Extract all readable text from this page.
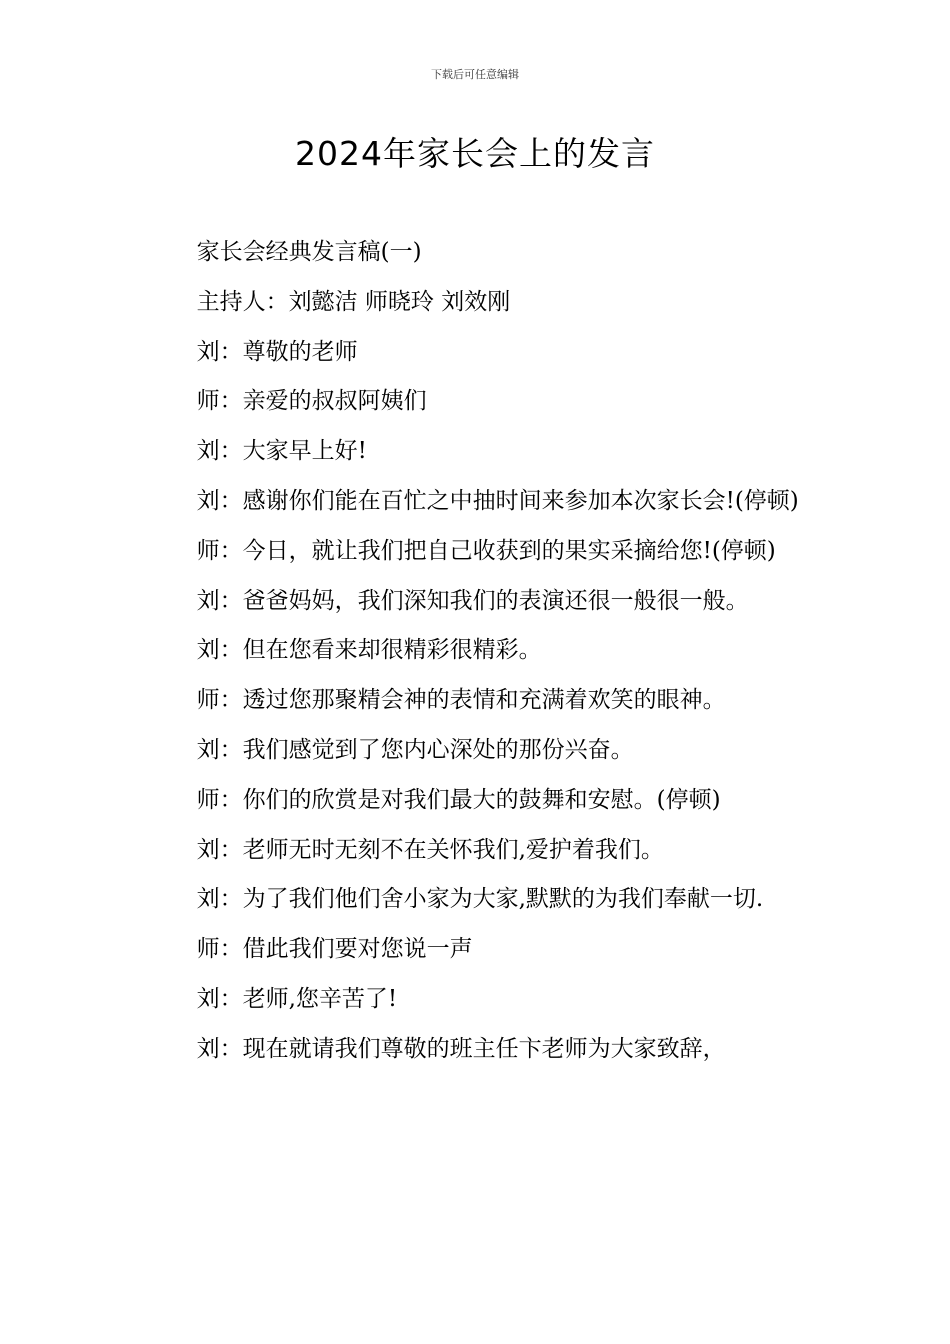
下载后可任意编辑
2024年家长会上的发言

家长会经典发言稿(一)

主持人：刘懿洁 师晓玲 刘效刚

刘：尊敬的老师

师：亲爱的叔叔阿姨们

刘：大家早上好!

刘：感谢你们能在百忙之中抽时间来参加本次家长会!(停顿)

师：今日，就让我们把自己收获到的果实采摘给您!(停顿)

刘：爸爸妈妈，我们深知我们的表演还很一般很一般。

刘：但在您看来却很精彩很精彩。

师：透过您那聚精会神的表情和充满着欢笑的眼神。

刘：我们感觉到了您内心深处的那份兴奋。

师：你们的欣赏是对我们最大的鼓舞和安慰。(停顿)

刘：老师无时无刻不在关怀我们,爱护着我们。

刘：为了我们他们舍小家为大家,默默的为我们奉献一切.

师：借此我们要对您说一声

刘：老师,您辛苦了!

刘：现在就请我们尊敬的班主任卞老师为大家致辞，
